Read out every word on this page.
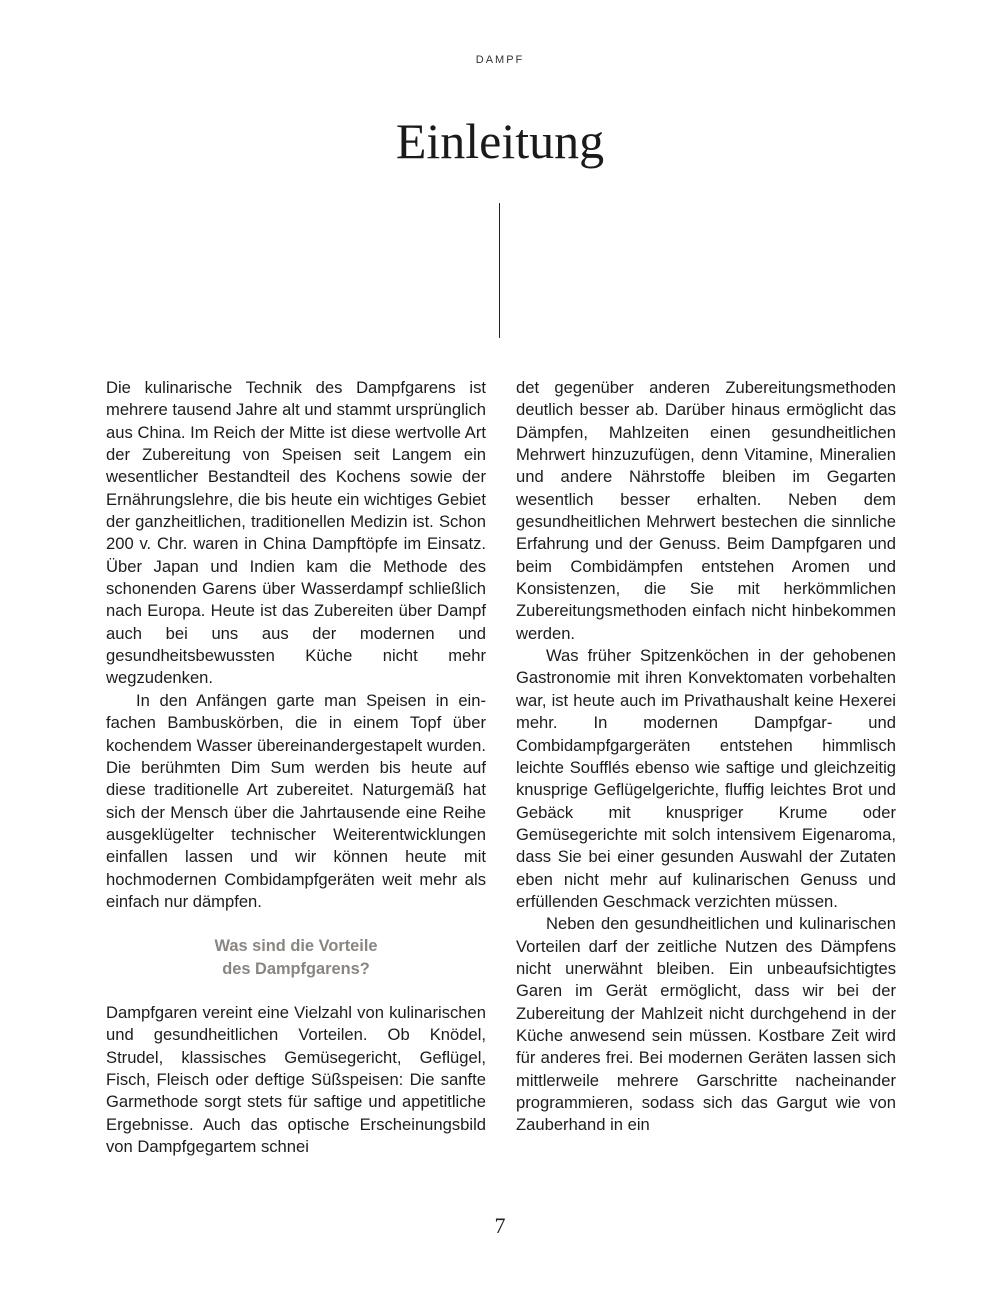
DAMPF
Einleitung

Die kulinarische Technik des Dampfgarens ist mehrere tausend Jahre alt und stammt ursprünglich aus China. Im Reich der Mitte ist diese wertvolle Art der Zubereitung von Speisen seit Langem ein wesentlicher Bestandteil des Kochens sowie der Ernährungslehre, die bis heute ein wichtiges Gebiet der ganzheitlichen, traditionellen Medizin ist. Schon 200 v. Chr. waren in China Dampftöpfe im Einsatz. Über Japan und Indien kam die Methode des schonenden Garens über Wasserdampf schließlich nach Europa. Heute ist das Zubereiten über Dampf auch bei uns aus der modernen und gesundheitsbewussten Küche nicht mehr wegzudenken.

In den Anfängen garte man Speisen in einfachen Bambuskörben, die in einem Topf über kochendem Wasser übereinandergestapelt wurden. Die berühmten Dim Sum werden bis heute auf diese traditionelle Art zubereitet. Naturgemäß hat sich der Mensch über die Jahrtausende eine Reihe ausgeklügelter technischer Weiterentwicklungen einfallen lassen und wir können heute mit hochmodernen Combidampfgeräten weit mehr als einfach nur dämpfen.

Was sind die Vorteile
des Dampfgarens?

Dampfgaren vereint eine Vielzahl von kulinarischen und gesundheitlichen Vorteilen. Ob Knödel, Strudel, klassisches Gemüsegericht, Geflügel, Fisch, Fleisch oder deftige Süßspeisen: Die sanfte Garmethode sorgt stets für saftige und appetitliche Ergebnisse. Auch das optische Erscheinungsbild von Dampfgegartem schnei

det gegenüber anderen Zubereitungsmethoden deutlich besser ab. Darüber hinaus ermöglicht das Dämpfen, Mahlzeiten einen gesundheitlichen Mehrwert hinzuzufügen, denn Vitamine, Mineralien und andere Nährstoffe bleiben im Gegarten wesentlich besser erhalten. Neben dem gesundheitlichen Mehrwert bestechen die sinnliche Erfahrung und der Genuss. Beim Dampfgaren und beim Combidämpfen entstehen Aromen und Konsistenzen, die Sie mit herkömmlichen Zubereitungsmethoden einfach nicht hinbekommen werden.

Was früher Spitzenköchen in der gehobenen Gastronomie mit ihren Konvektomaten vorbehalten war, ist heute auch im Privathaushalt keine Hexerei mehr. In modernen Dampfgar- und Combidampfgargeräten entstehen himmlisch leichte Soufflés ebenso wie saftige und gleichzeitig knusprige Geflügelgerichte, fluffig leichtes Brot und Gebäck mit knuspriger Krume oder Gemüsegerichte mit solch intensivem Eigenaroma, dass Sie bei einer gesunden Auswahl der Zutaten eben nicht mehr auf kulinarischen Genuss und erfüllenden Geschmack verzichten müssen.

Neben den gesundheitlichen und kulinarischen Vorteilen darf der zeitliche Nutzen des Dämpfens nicht unerwähnt bleiben. Ein unbeaufsichtigtes Garen im Gerät ermöglicht, dass wir bei der Zubereitung der Mahlzeit nicht durchgehend in der Küche anwesend sein müssen. Kostbare Zeit wird für anderes frei. Bei modernen Geräten lassen sich mittlerweile mehrere Garschritte nacheinander programmieren, sodass sich das Gargut wie von Zauberhand in ein

7
